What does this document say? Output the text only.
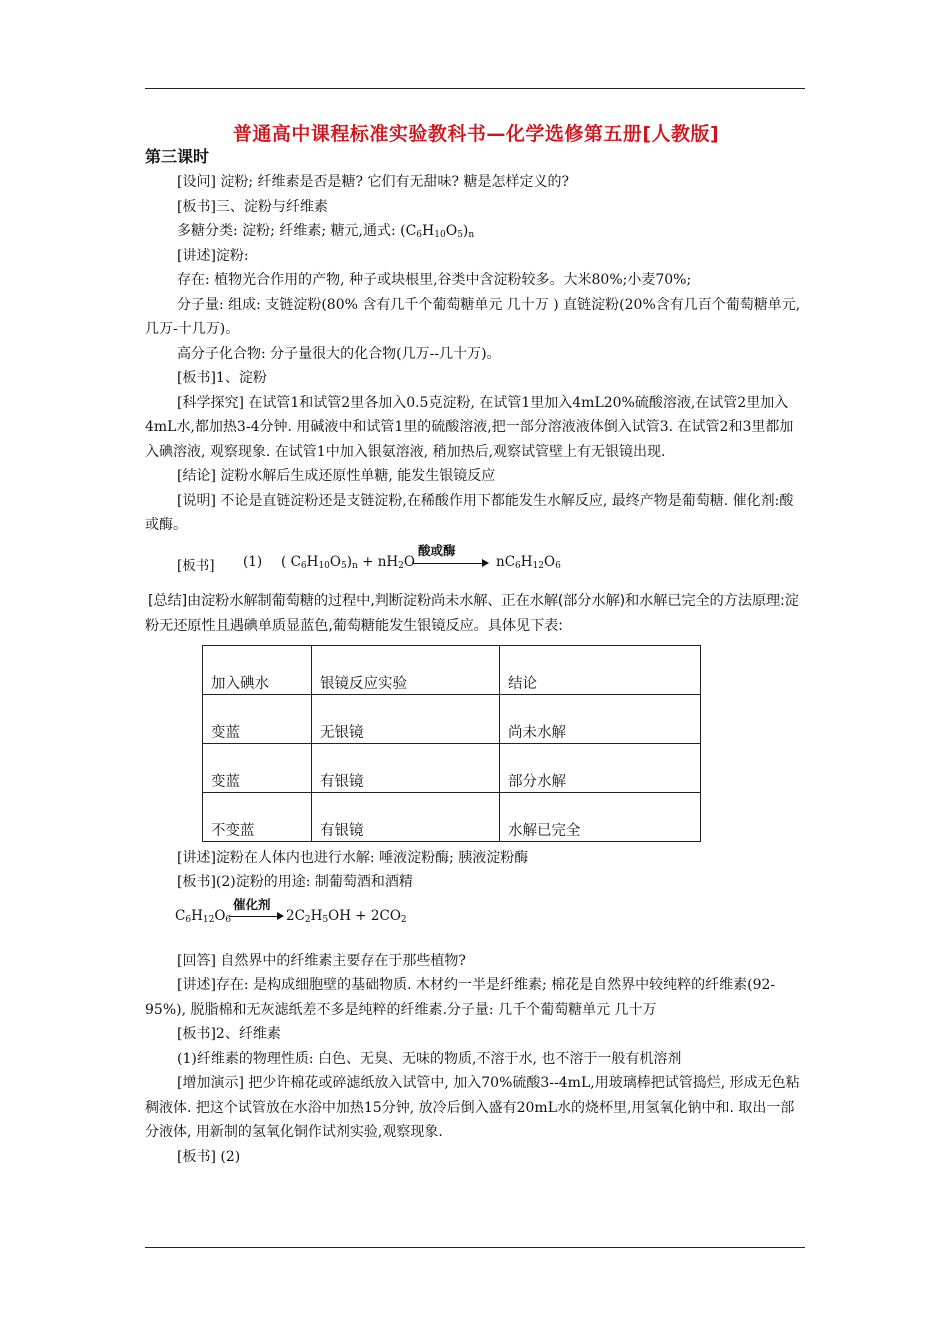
普通高中课程标准实验教科书—化学选修第五册[人教版]
第三课时

[设问] 淀粉; 纤维素是否是糖? 它们有无甜味? 糖是怎样定义的?

[板书]三、淀粉与纤维素

多糖分类: 淀粉; 纤维素; 糖元,通式: $(C_6H_{10}O_5)_n$

[讲述]淀粉:

存在: 植物光合作用的产物, 种子或块根里,谷类中含淀粉较多。大米80%;小麦70%;

分子量: 组成: 支链淀粉(80% 含有几千个葡萄糖单元 几十万 ) 直链淀粉(20%含有几百个葡萄糖单元, 几万-十几万)。

高分子化合物: 分子量很大的化合物(几万--几十万)。

[板书]1、淀粉

[科学探究] 在试管1和试管2里各加入0.5克淀粉, 在试管1里加入4mL20%硫酸溶液,在试管2里加入4mL水,都加热3-4分钟. 用碱液中和试管1里的硫酸溶液,把一部分溶液液体倒入试管3. 在试管2和3里都加入碘溶液, 观察现象. 在试管1中加入银氨溶液, 稍加热后,观察试管壁上有无银镜出现.

[结论] 淀粉水解后生成还原性单糖, 能发生银镜反应

[说明] 不论是直链淀粉还是支链淀粉,在稀酸作用下都能发生水解反应, 最终产物是葡萄糖. 催化剂:酸或酶。

[板书] (1) ( $C_6H_{10}O_5)_n + nH_2O$
酸或酶
$nC_6H_{12}O_6$

[总结]由淀粉水解制葡萄糖的过程中,判断淀粉尚未水解、正在水解(部分水解)和水解已完全的方法原理:淀粉无还原性且遇碘单质显蓝色,葡萄糖能发生银镜反应。具体见下表:

加入碘水	银镜反应实验	结论
变蓝	无银镜	尚未水解
变蓝	有银镜	部分水解
不变蓝	有银镜	水解已完全

[讲述]淀粉在人体内也进行水解: 唾液淀粉酶; 胰液淀粉酶

[板书](2)淀粉的用途: 制葡萄酒和酒精

$C_6H_{12}O_6$
催化剂
→ $2C_2H_5OH + 2CO_2$

[回答] 自然界中的纤维素主要存在于那些植物?

[讲述]存在: 是构成细胞壁的基础物质. 木材约一半是纤维素; 棉花是自然界中较纯粹的纤维素(92-95%), 脱脂棉和无灰滤纸差不多是纯粹的纤维素.分子量: 几千个葡萄糖单元 几十万

[板书]2、纤维素

(1)纤维素的物理性质: 白色、无臭、无味的物质,不溶于水, 也不溶于一般有机溶剂

[增加演示] 把少许棉花或碎滤纸放入试管中, 加入70%硫酸3--4mL,用玻璃棒把试管捣烂, 形成无色粘稠液体. 把这个试管放在水浴中加热15分钟, 放冷后倒入盛有20mL水的烧杯里,用氢氧化钠中和. 取出一部分液体, 用新制的氢氧化铜作试剂实验,观察现象.

[板书] (2)
